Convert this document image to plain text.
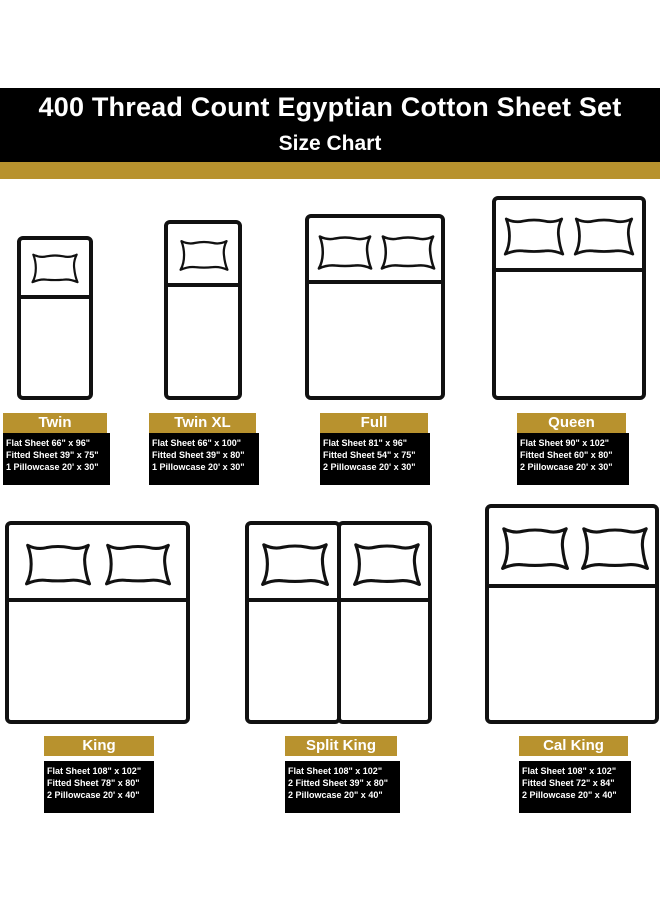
400 Thread Count Egyptian Cotton Sheet Set
Size Chart
Twin
Flat Sheet 66" x 96"
Fitted Sheet 39" x 75"
1 Pillowcase 20' x 30"
Twin XL
Flat Sheet 66" x 100"
Fitted Sheet 39" x 80"
1 Pillowcase 20' x 30"
Full
Flat Sheet 81" x 96"
Fitted Sheet 54" x 75"
2 Pillowcase 20' x 30"
Queen
Flat Sheet 90" x 102"
Fitted Sheet 60" x 80"
2 Pillowcase 20' x 30"
King
Flat Sheet 108" x 102"
Fitted Sheet 78" x 80"
2 Pillowcase 20' x 40"
Split King
Flat Sheet 108" x 102"
2 Fitted Sheet 39" x 80"
2 Pillowcase 20" x 40"
Cal King
Flat Sheet 108" x 102"
Fitted Sheet 72" x 84"
2 Pillowcase 20" x 40"
